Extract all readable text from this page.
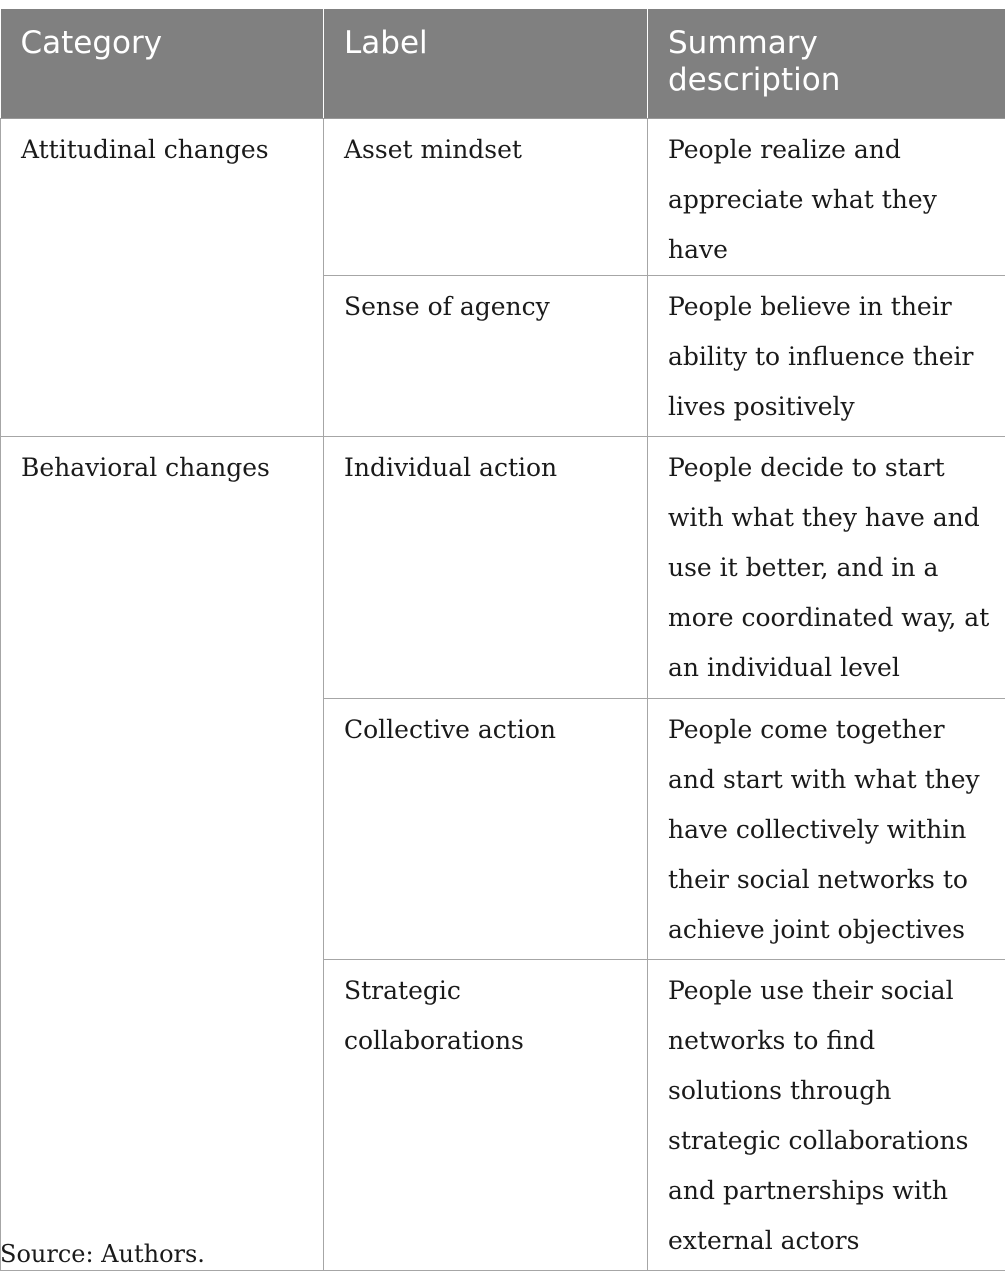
Category	Label	Summary description
Attitudinal changes	Asset mindset	People realize and appreciate what they have
	Sense of agency	People believe in their ability to influence their lives positively
Behavioral changes	Individual action	People decide to start with what they have and use it better, and in a more coordinated way, at an individual level
	Collective action	People come together and start with what they have collectively within their social networks to achieve joint objectives
	Strategic collaborations	People use their social networks to find solutions through strategic collaborations and partnerships with external actors
Source: Authors.
